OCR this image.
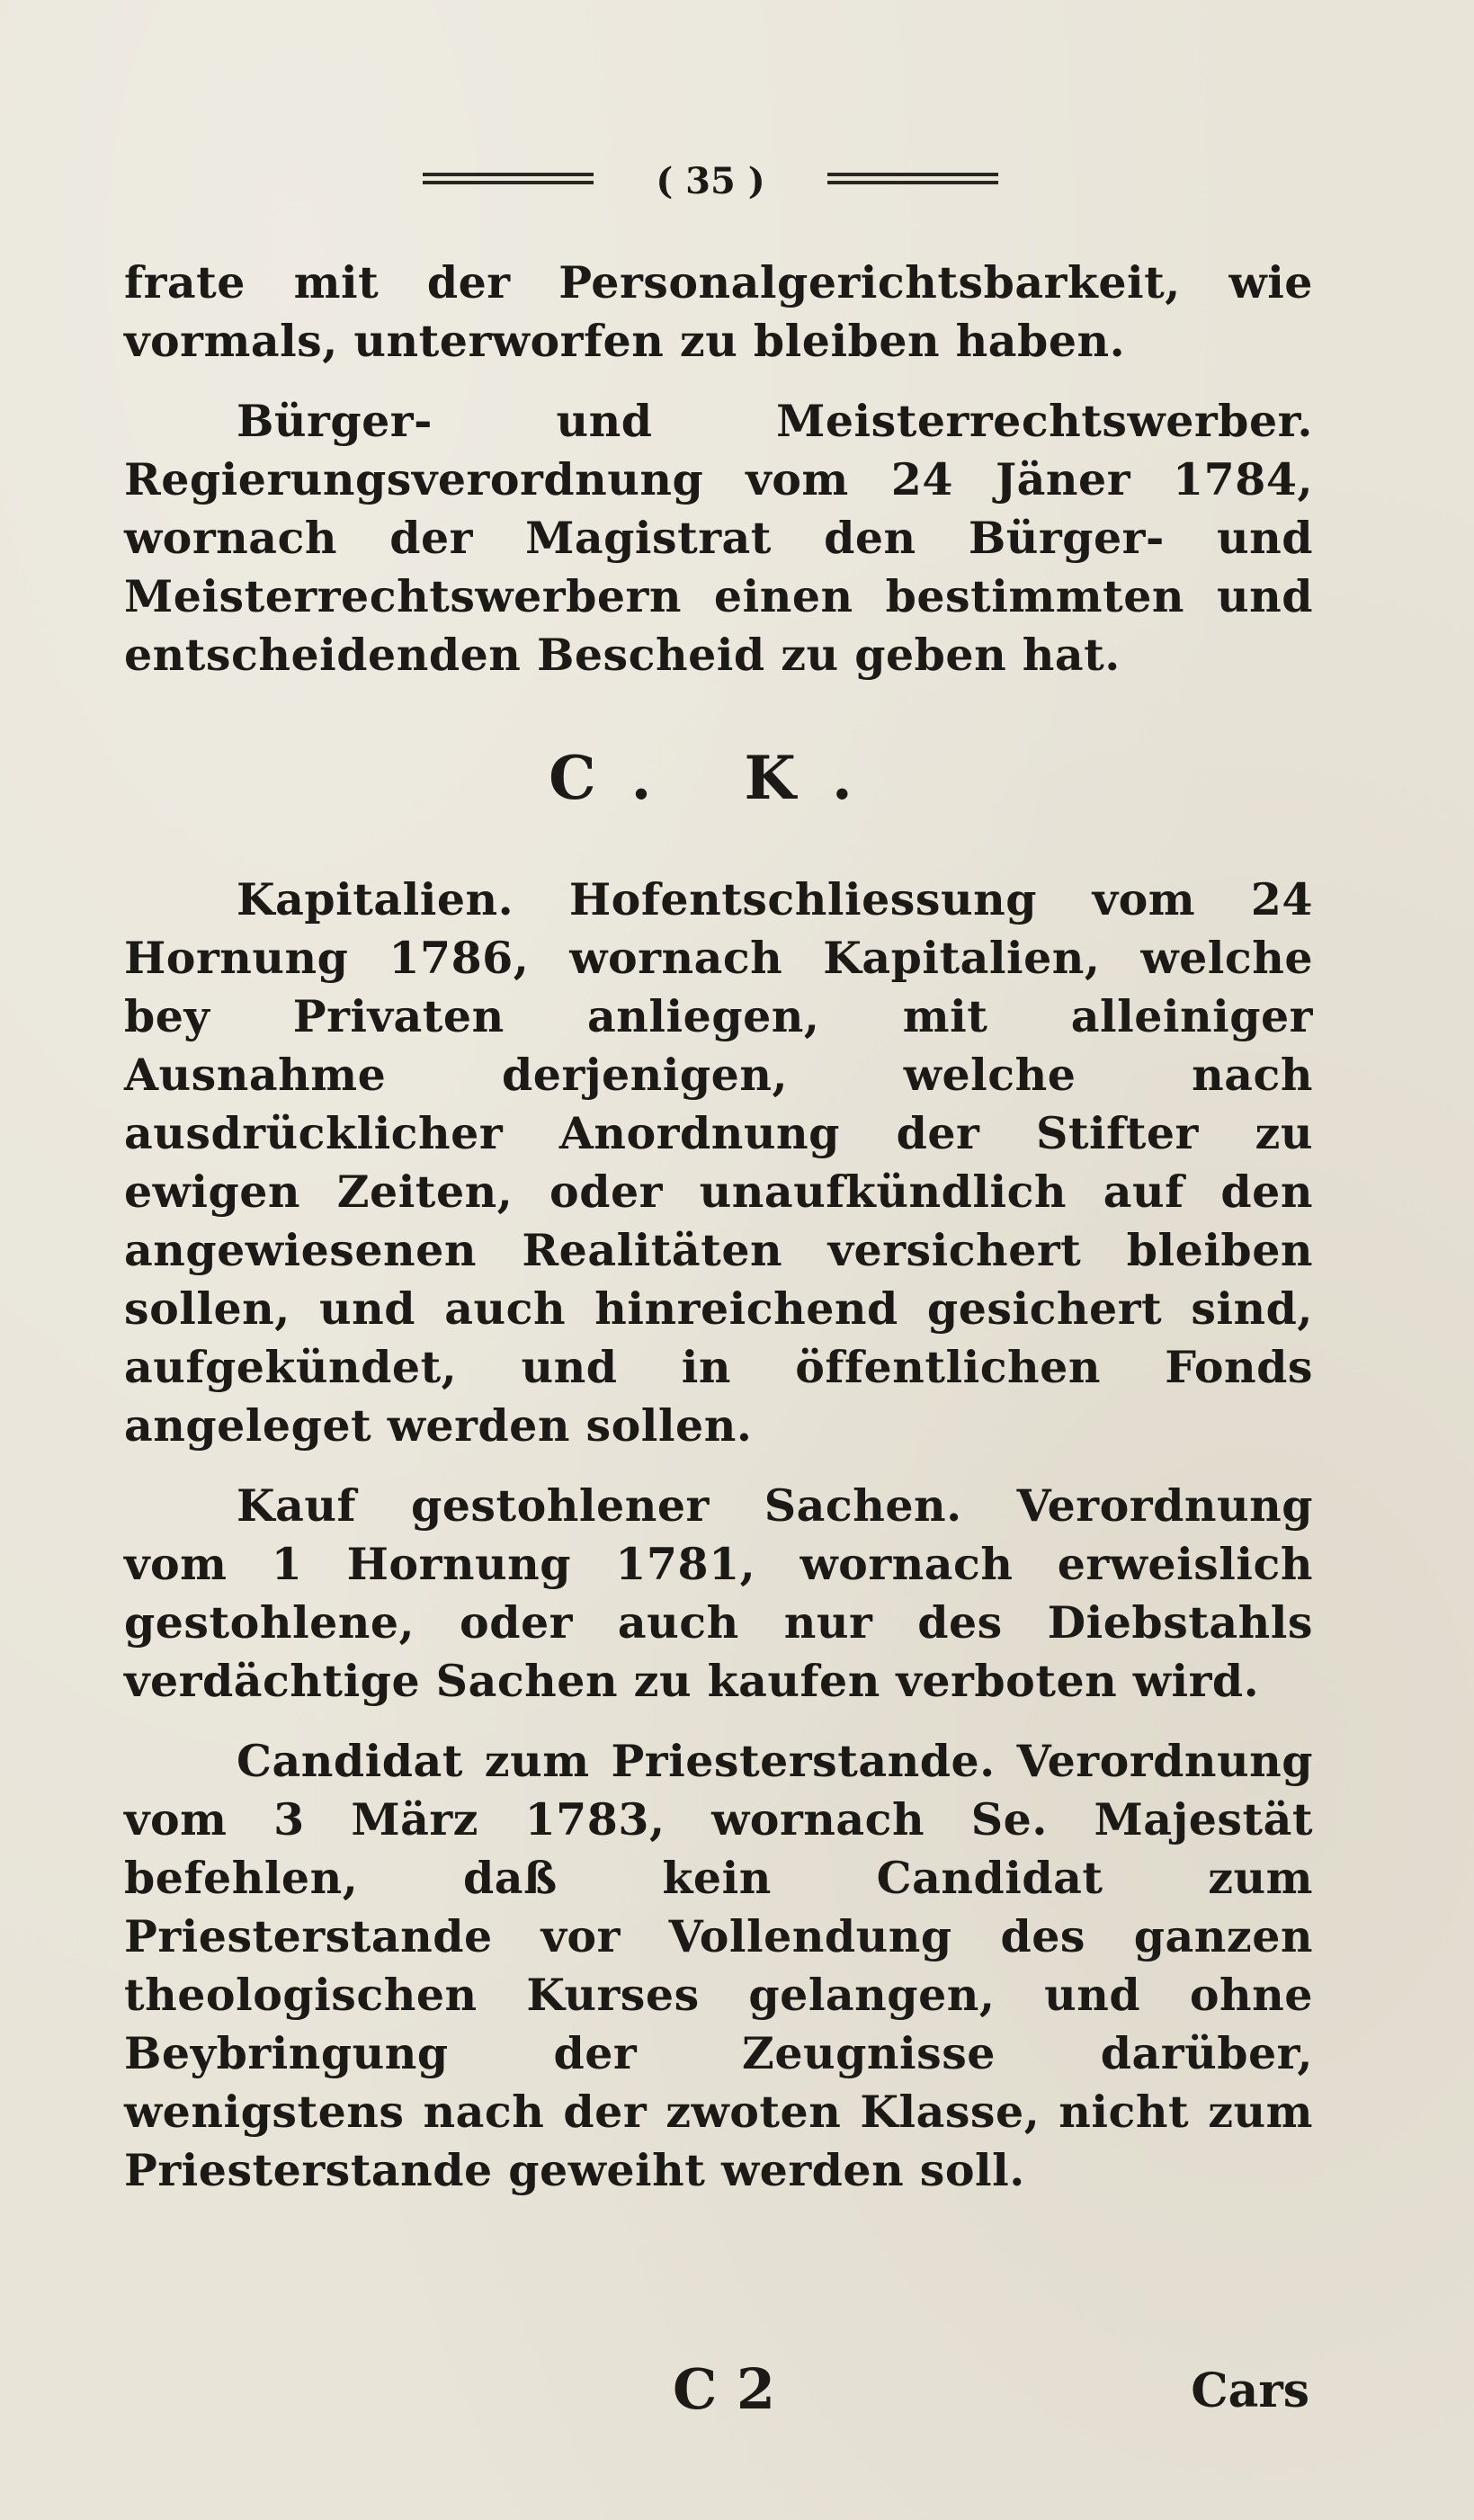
( 35 )

frate mit der Personalgerichtsbarkeit, wie vormals, unterworfen zu bleiben haben.

Bürger- und Meisterrechtswerber. Regierungsverordnung vom 24 Jäner 1784, wornach der Magistrat den Bürger- und Meisterrechtswerbern einen bestimmten und entscheidenden Bescheid zu geben hat.

C. K.

Kapitalien. Hofentschliessung vom 24 Hornung 1786, wornach Kapitalien, welche bey Privaten anliegen, mit alleiniger Ausnahme derjenigen, welche nach ausdrücklicher Anordnung der Stifter zu ewigen Zeiten, oder unaufkündlich auf den angewiesenen Realitäten versichert bleiben sollen, und auch hinreichend gesichert sind, aufgekündet, und in öffentlichen Fonds angeleget werden sollen.

Kauf gestohlener Sachen. Verordnung vom 1 Hornung 1781, wornach erweislich gestohlene, oder auch nur des Diebstahls verdächtige Sachen zu kaufen verboten wird.

Candidat zum Priesterstande. Verordnung vom 3 März 1783, wornach Se. Majestät befehlen, daß kein Candidat zum Priesterstande vor Vollendung des ganzen theologischen Kurses gelangen, und ohne Beybringung der Zeugnisse darüber, wenigstens nach der zwoten Klasse, nicht zum Priesterstande geweiht werden soll.

C 2	Cars
